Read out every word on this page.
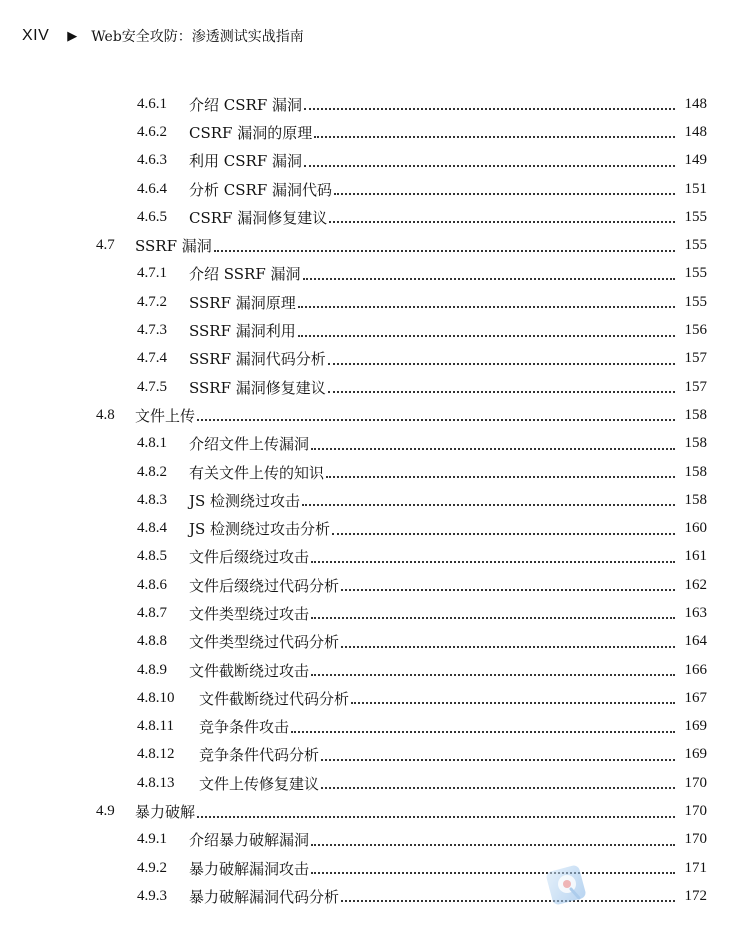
XIV ▶ Web安全攻防：渗透测试实战指南
4.6.1	介绍 CSRF 漏洞	148
4.6.2	CSRF 漏洞的原理	148
4.6.3	利用 CSRF 漏洞	149
4.6.4	分析 CSRF 漏洞代码	151
4.6.5	CSRF 漏洞修复建议	155
4.7	SSRF 漏洞	155
4.7.1	介绍 SSRF 漏洞	155
4.7.2	SSRF 漏洞原理	155
4.7.3	SSRF 漏洞利用	156
4.7.4	SSRF 漏洞代码分析	157
4.7.5	SSRF 漏洞修复建议	157
4.8	文件上传	158
4.8.1	介绍文件上传漏洞	158
4.8.2	有关文件上传的知识	158
4.8.3	JS 检测绕过攻击	158
4.8.4	JS 检测绕过攻击分析	160
4.8.5	文件后缀绕过攻击	161
4.8.6	文件后缀绕过代码分析	162
4.8.7	文件类型绕过攻击	163
4.8.8	文件类型绕过代码分析	164
4.8.9	文件截断绕过攻击	166
4.8.10	文件截断绕过代码分析	167
4.8.11	竞争条件攻击	169
4.8.12	竞争条件代码分析	169
4.8.13	文件上传修复建议	170
4.9	暴力破解	170
4.9.1	介绍暴力破解漏洞	170
4.9.2	暴力破解漏洞攻击	171
4.9.3	暴力破解漏洞代码分析	172
